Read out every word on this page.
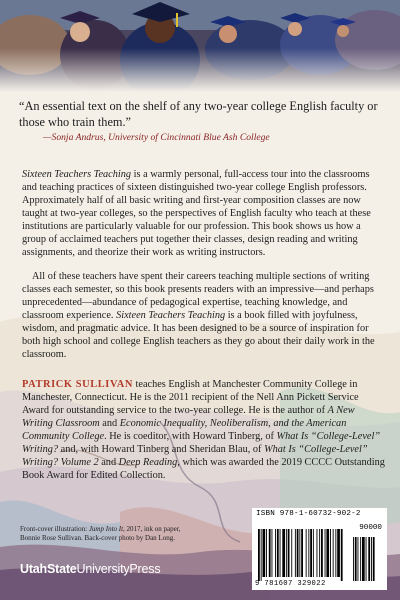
“An essential text on the shelf of any two-year college English faculty or those who train them.”

—Sonja Andrus, University of Cincinnati Blue Ash College

Sixteen Teachers Teaching is a warmly personal, full-access tour into the classrooms and teaching practices of sixteen distinguished two-year college English professors. Approximately half of all basic writing and first-year composition classes are now taught at two-year colleges, so the perspectives of English faculty who teach at these institutions are particularly valuable for our profession. This book shows us how a group of acclaimed teachers put together their classes, design reading and writing assignments, and theorize their work as writing instructors.

All of these teachers have spent their careers teaching multiple sections of writing classes each semester, so this book presents readers with an impressive—and perhaps unprecedented—abundance of pedagogical expertise, teaching knowledge, and classroom experience. Sixteen Teachers Teaching is a book filled with joyfulness, wisdom, and pragmatic advice. It has been designed to be a source of inspiration for both high school and college English teachers as they go about their daily work in the classroom.

PATRICK SULLIVAN teaches English at Manchester Community College in Manchester, Connecticut. He is the 2011 recipient of the Nell Ann Pickett Service Award for outstanding service to the two-year college. He is the author of A New Writing Classroom and Economic Inequality, Neoliberalism, and the American Community College. He is coeditor, with Howard Tinberg, of What Is “College-Level” Writing? and, with Howard Tinberg and Sheridan Blau, of What Is “College-Level” Writing? Volume 2 and Deep Reading, which was awarded the 2019 CCCC Outstanding Book Award for Edited Collection.

Front-cover illustration: Jump Into It, 2017, ink on paper, Bonnie Rose Sullivan. Back-cover photo by Dan Long.

UtahStateUniversityPress
ISBN 978-1-60732-902-2
90000
9 781607 329022
